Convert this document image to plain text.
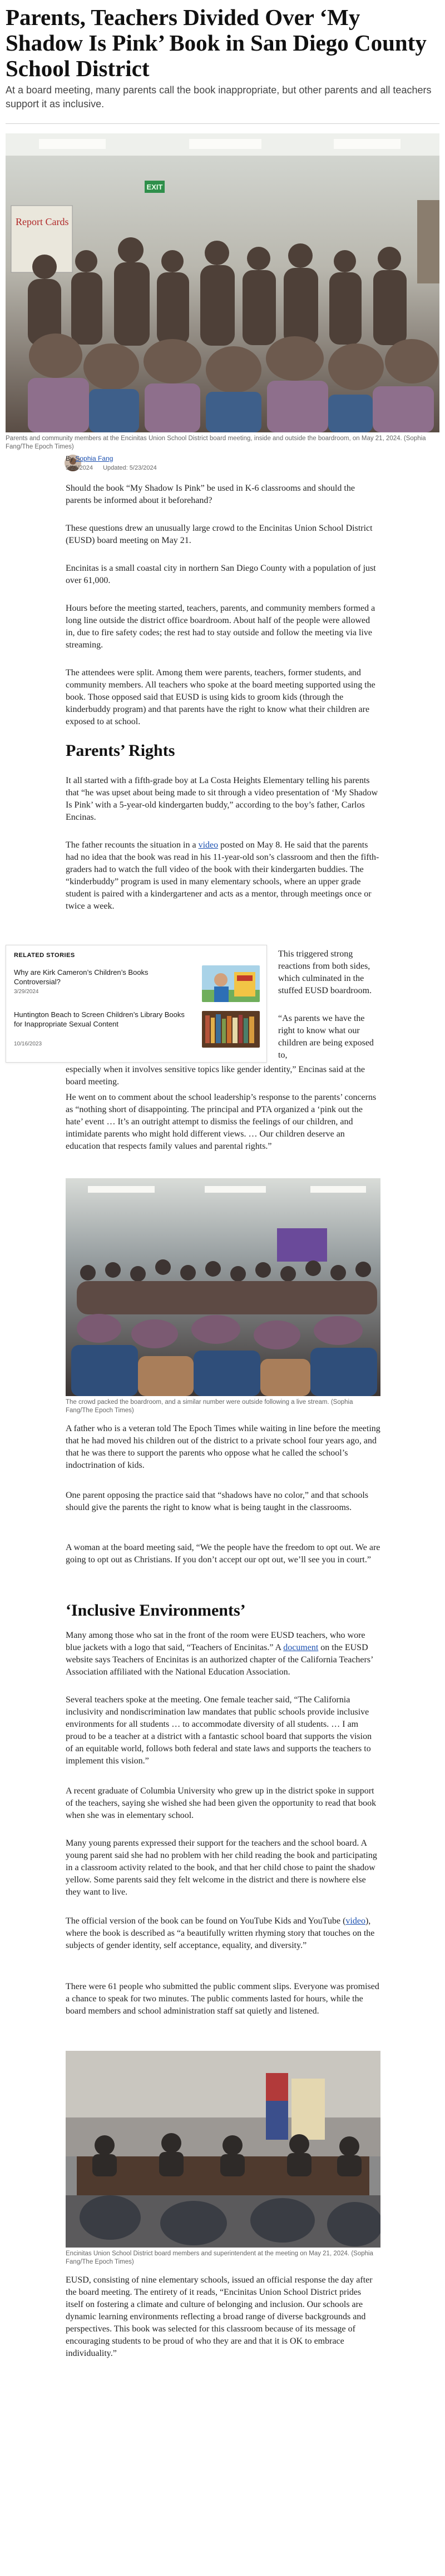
Parents, Teachers Divided Over ‘My Shadow Is Pink’ Book in San Diego County School District
At a board meeting, many parents call the book inappropriate, but other parents and all teachers support it as inclusive.
EXIT
Report Cards
Parents and community members at the Encinitas Union School District board meeting, inside and outside the boardroom, on May 21, 2024. (Sophia Fang/The Epoch Times)
By Sophia Fang
5/23/2024 Updated: 5/23/2024

Should the book “My Shadow Is Pink” be used in K-6 classrooms and should the parents be informed about it beforehand?

These questions drew an unusually large crowd to the Encinitas Union School District (EUSD) board meeting on May 21.

Encinitas is a small coastal city in northern San Diego County with a population of just over 61,000.

Hours before the meeting started, teachers, parents, and community members formed a long line outside the district office boardroom. About half of the people were allowed in, due to fire safety codes; the rest had to stay outside and follow the meeting via live streaming.

The attendees were split. Among them were parents, teachers, former students, and community members. All teachers who spoke at the board meeting supported using the book. Those opposed said that EUSD is using kids to groom kids (through the kinderbuddy program) and that parents have the right to know what their children are exposed to at school.

Parents’ Rights

It all started with a fifth-grade boy at La Costa Heights Elementary telling his parents that “he was upset about being made to sit through a video presentation of ‘My Shadow Is Pink’ with a 5-year-old kindergarten buddy,” according to the boy’s father, Carlos Encinas.

The father recounts the situation in a video posted on May 8. He said that the parents had no idea that the book was read in his 11-year-old son’s classroom and then the fifth-graders had to watch the full video of the book with their kindergarten buddies. The “kinderbuddy” program is used in many elementary schools, where an upper grade student is paired with a kindergartener and acts as a mentor, through meetings once or twice a week.

RELATED STORIES
Why are Kirk Cameron’s Children’s Books Controversial?
3/29/2024
Huntington Beach to Screen Children’s Library Books for Inappropriate Sexual Content
10/16/2023

This triggered strong reactions from both sides, which culminated in the stuffed EUSD boardroom.

“As parents we have the right to know what our children are being exposed to,

especially when it involves sensitive topics like gender identity,” Encinas said at the board meeting.

He went on to comment about the school leadership’s response to the parents’ concerns as “nothing short of disappointing. The principal and PTA organized a ‘pink out the hate’ event … It’s an outright attempt to dismiss the feelings of our children, and intimidate parents who might hold different views. … Our children deserve an education that respects family values and parental rights.”

The crowd packed the boardroom, and a similar number were outside following a live stream. (Sophia Fang/The Epoch Times)

A father who is a veteran told The Epoch Times while waiting in line before the meeting that he had moved his children out of the district to a private school four years ago, and that he was there to support the parents who oppose what he called the school’s indoctrination of kids.

One parent opposing the practice said that “shadows have no color,” and that schools should give the parents the right to know what is being taught in the classrooms.

A woman at the board meeting said, “We the people have the freedom to opt out. We are going to opt out as Christians. If you don’t accept our opt out, we’ll see you in court.”

‘Inclusive Environments’

Many among those who sat in the front of the room were EUSD teachers, who wore blue jackets with a logo that said, “Teachers of Encinitas.” A document on the EUSD website says Teachers of Encinitas is an authorized chapter of the California Teachers’ Association affiliated with the National Education Association.

Several teachers spoke at the meeting. One female teacher said, “The California inclusivity and nondiscrimination law mandates that public schools provide inclusive environments for all students … to accommodate diversity of all students. … I am proud to be a teacher at a district with a fantastic school board that supports the vision of an equitable world, follows both federal and state laws and supports the teachers to implement this vision.”

A recent graduate of Columbia University who grew up in the district spoke in support of the teachers, saying she wished she had been given the opportunity to read that book when she was in elementary school.

Many young parents expressed their support for the teachers and the school board. A young parent said she had no problem with her child reading the book and participating in a classroom activity related to the book, and that her child chose to paint the shadow yellow. Some parents said they felt welcome in the district and there is nowhere else they want to live.

The official version of the book can be found on YouTube Kids and YouTube (video), where the book is described as “a beautifully written rhyming story that touches on the subjects of gender identity, self acceptance, equality, and diversity.”

There were 61 people who submitted the public comment slips. Everyone was promised a chance to speak for two minutes. The public comments lasted for hours, while the board members and school administration staff sat quietly and listened.

Encinitas Union School District board members and superintendent at the meeting on May 21, 2024. (Sophia Fang/The Epoch Times)

EUSD, consisting of nine elementary schools, issued an official response the day after the board meeting. The entirety of it reads, “Encinitas Union School District prides itself on fostering a climate and culture of belonging and inclusion. Our schools are dynamic learning environments reflecting a broad range of diverse backgrounds and perspectives. This book was selected for this classroom because of its message of encouraging students to be proud of who they are and that it is OK to embrace individuality.”
